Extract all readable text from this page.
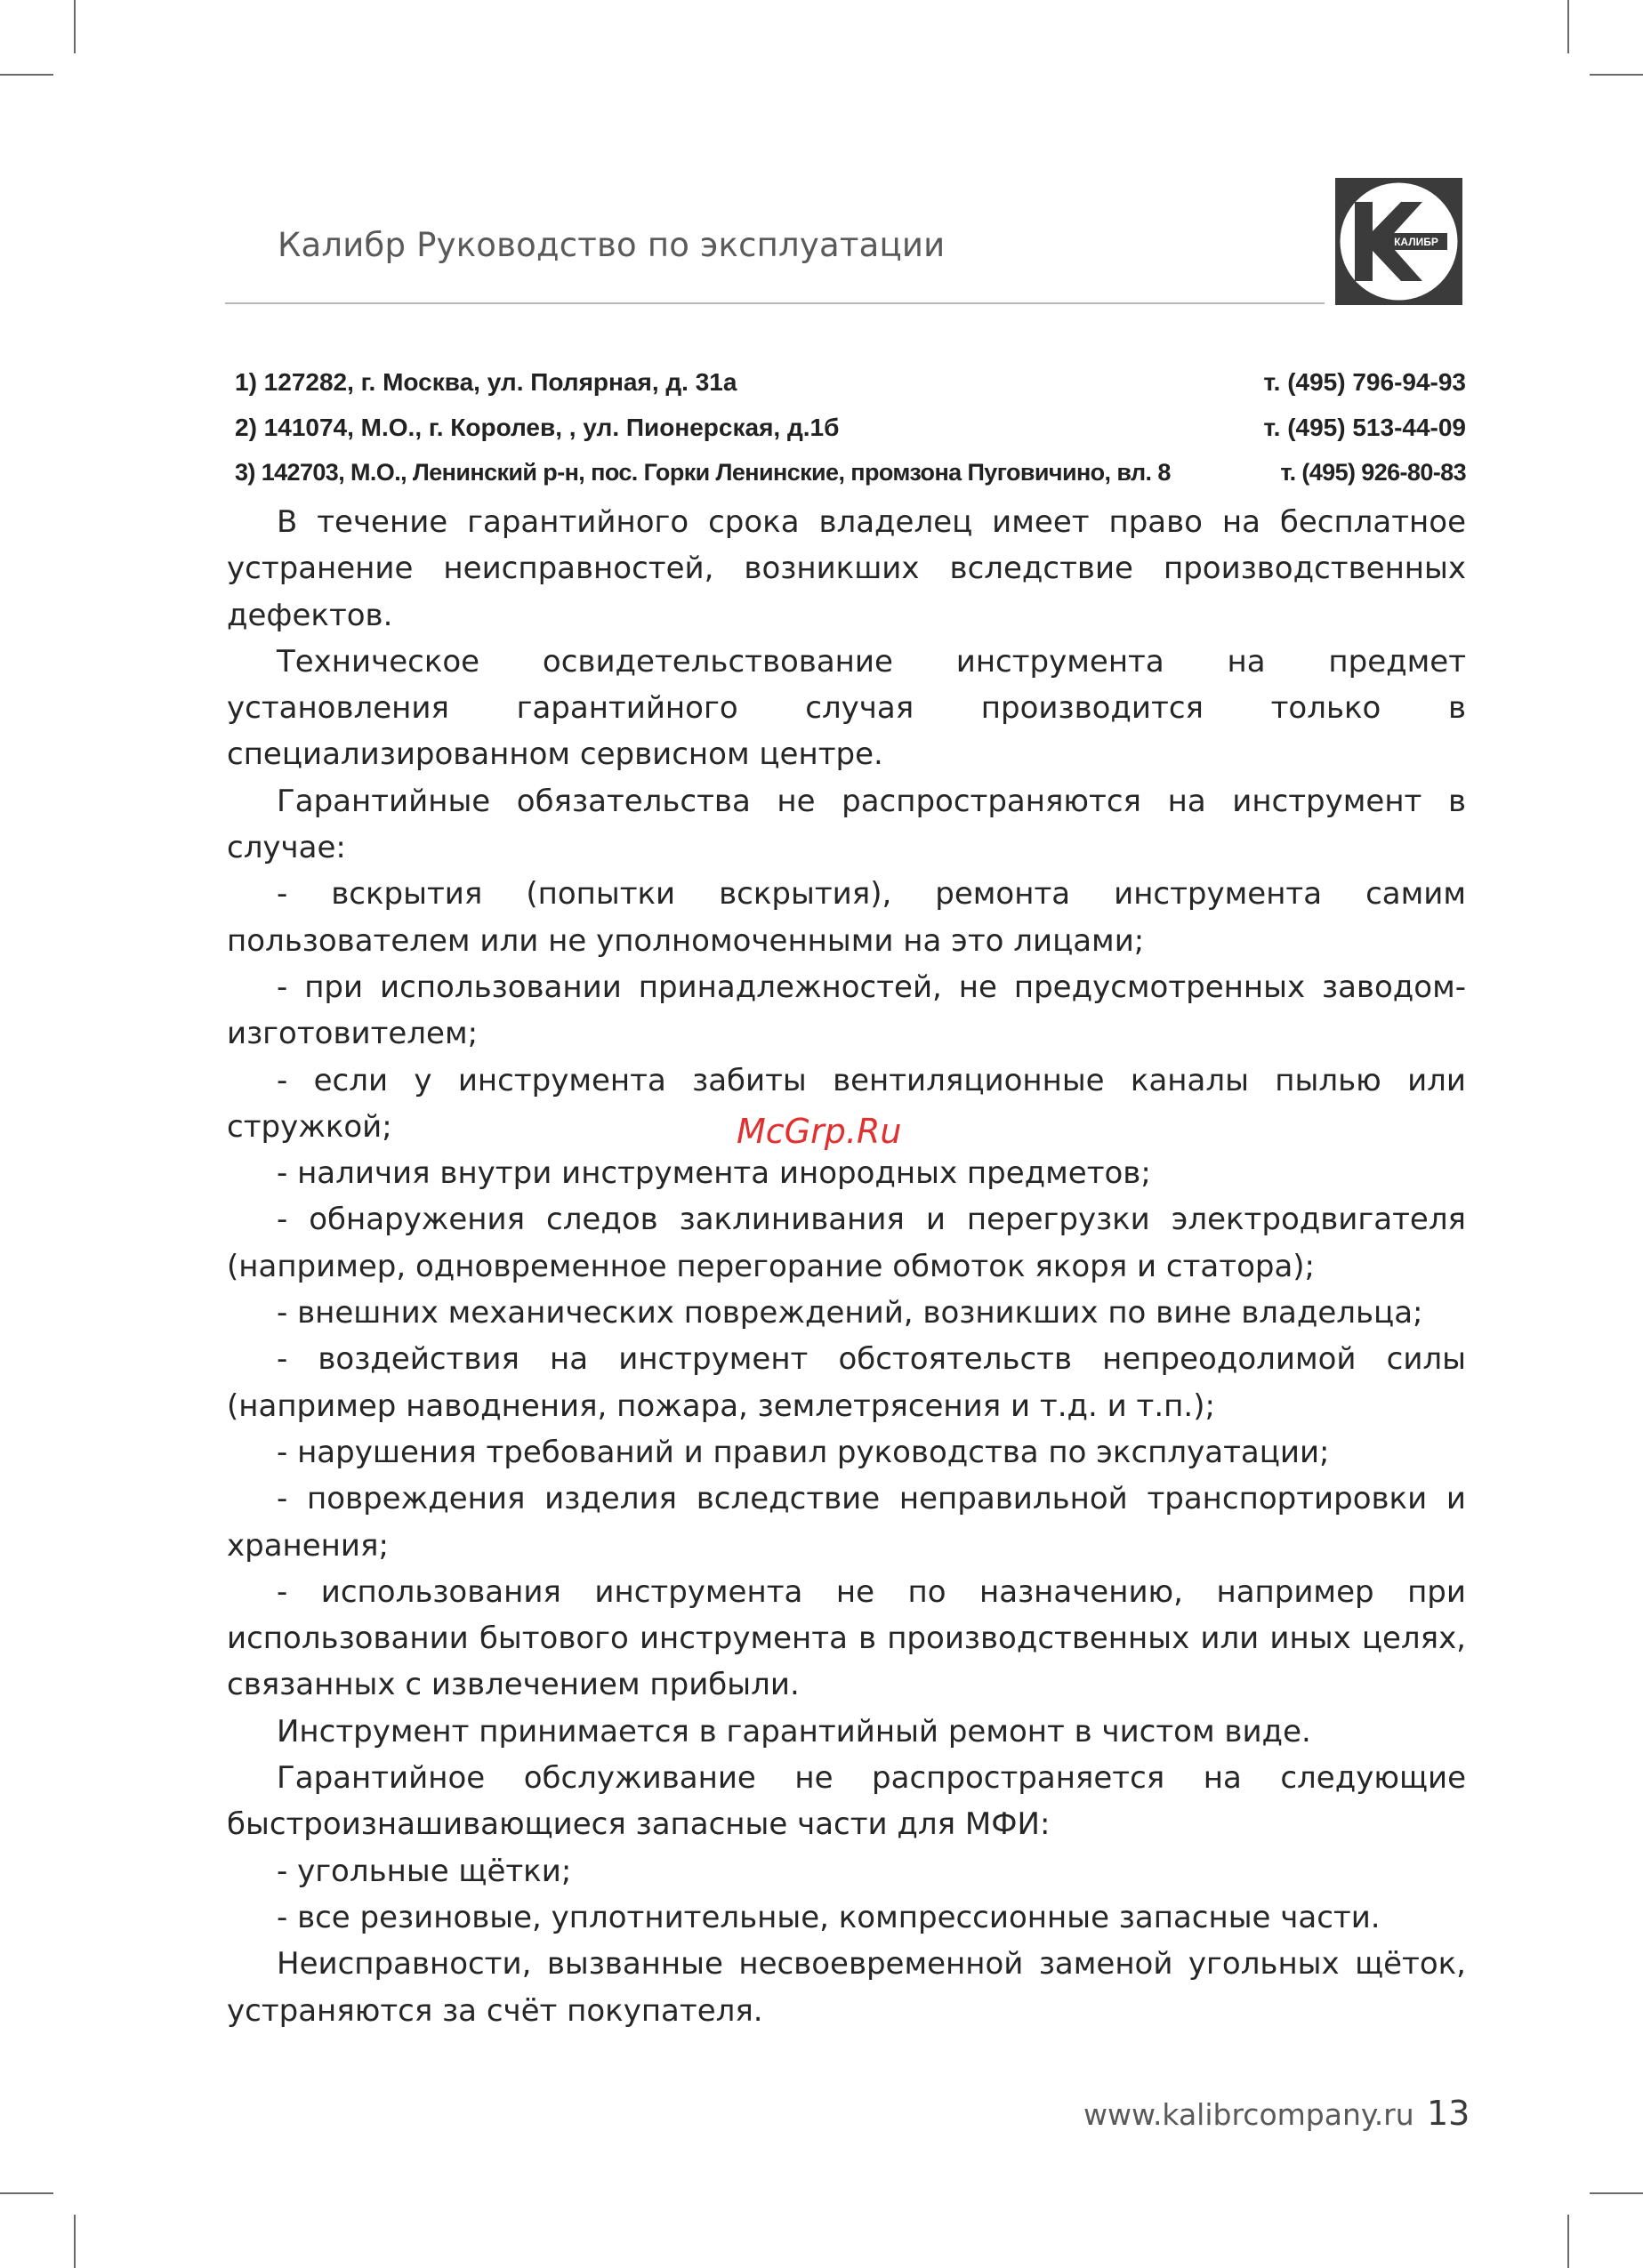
Калибр Руководство по эксплуатации	КАЛИБР
1) 127282, г. Москва, ул. Полярная, д. 31а	т. (495) 796-94-93
2) 141074, М.О., г. Королев, , ул. Пионерская, д.1б	т. (495) 513-44-09
3) 142703, М.О., Ленинский р-н, пос. Горки Ленинские, промзона Пуговичино, вл. 8	т. (495) 926-80-83

В течение гарантийного срока владелец имеет право на бесплатное устранение неисправностей, возникших вследствие производственных дефектов.

Техническое освидетельствование инструмента на предмет установления гарантийного случая производится только в специализированном сервисном центре.

Гарантийные обязательства не распространяются на инструмент в случае:

- вскрытия (попытки вскрытия), ремонта инструмента самим пользователем или не уполномоченными на это лицами;

- при использовании принадлежностей, не предусмотренных заводом-изготовителем;

- если у инструмента забиты вентиляционные каналы пылью или стружкой;

- наличия внутри инструмента инородных предметов;

- обнаружения следов заклинивания и перегрузки электродвигателя (например, одновременное перегорание обмоток якоря и статора);

- внешних механических повреждений, возникших по вине владельца;

- воздействия на инструмент обстоятельств непреодолимой силы (например наводнения, пожара, землетрясения и т.д. и т.п.);

- нарушения требований и правил руководства по эксплуатации;

- повреждения изделия вследствие неправильной транспортировки и хранения;

- использования инструмента не по назначению, например при использовании бытового инструмента в производственных или иных целях, связанных с извлечением прибыли.

Инструмент принимается в гарантийный ремонт в чистом виде.

Гарантийное обслуживание не распространяется на следующие быстроизнашивающиеся запасные части для МФИ:

- угольные щётки;

- все резиновые, уплотнительные, компрессионные запасные части.

Неисправности, вызванные несвоевременной заменой угольных щёток, устраняются за счёт покупателя.

McGrp.Ru
www.kalibrcompany.ru 13
